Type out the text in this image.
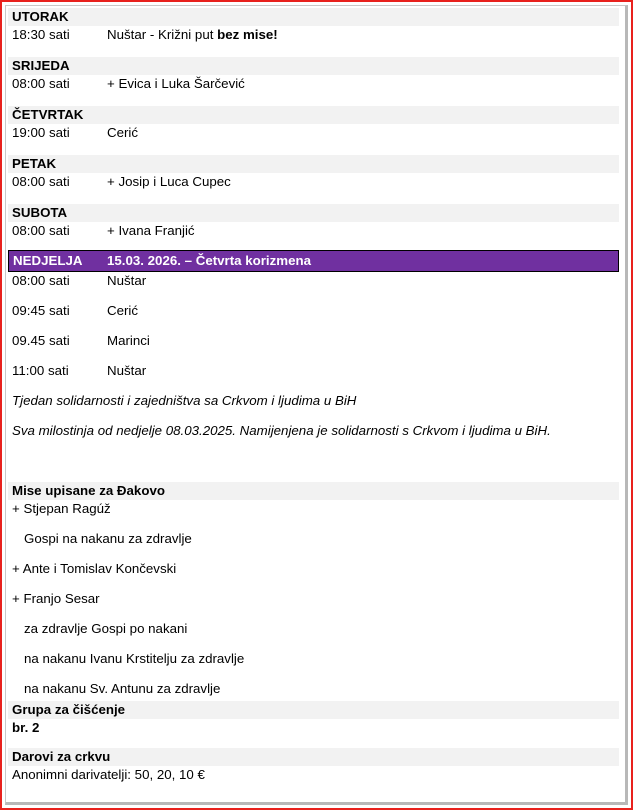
UTORAK
18:30 sati	Nuštar - Križni put bez mise!
SRIJEDA
08:00 sati	+ Evica i Luka Šarčević
ČETVRTAK
19:00 sati	Cerić
PETAK
08:00 sati	+ Josip i Luca Cupec
SUBOTA
08:00 sati	+ Ivana Franjić
NEDJELJA 15.03. 2026. – Četvrta korizmena
08:00 sati	Nuštar
09:45 sati	Cerić
09.45 sati	Marinci
11:00 sati	Nuštar
Tjedan solidarnosti i zajedništva sa Crkvom i ljudima u BiH
Sva milostinja od nedjelje 08.03.2025. Namijenjena je solidarnosti s Crkvom i ljudima u BiH.
Mise upisane za Đakovo
+ Stjepan Ragúž
Gospi na nakanu za zdravlje
+ Ante i Tomislav Končevski
+ Franjo Sesar
za zdravlje Gospi po nakani
na nakanu Ivanu Krstitelju za zdravlje
na nakanu Sv. Antunu za zdravlje
Grupa za čišćenje
br. 2
Darovi za crkvu
Anonimni darivatelji: 50, 20, 10 €
